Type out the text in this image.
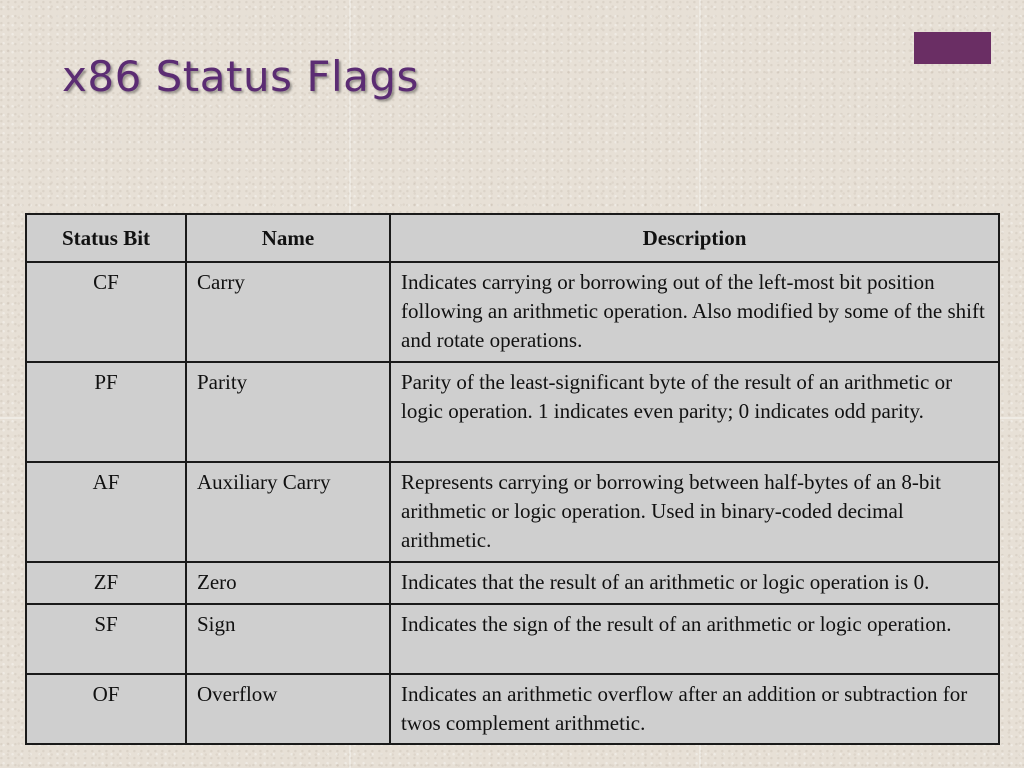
x86 Status Flags
Status Bit	Name	Description
CF	Carry	Indicates carrying or borrowing out of the left-most bit position following an arithmetic operation. Also modified by some of the shift and rotate operations.
PF	Parity	Parity of the least-significant byte of the result of an arithmetic or logic operation. 1 indicates even parity; 0 indicates odd parity.
AF	Auxiliary Carry	Represents carrying or borrowing between half-bytes of an 8-bit arithmetic or logic operation. Used in binary-coded decimal arithmetic.
ZF	Zero	Indicates that the result of an arithmetic or logic operation is 0.
SF	Sign	Indicates the sign of the result of an arithmetic or logic operation.
OF	Overflow	Indicates an arithmetic overflow after an addition or subtraction for twos complement arithmetic.
